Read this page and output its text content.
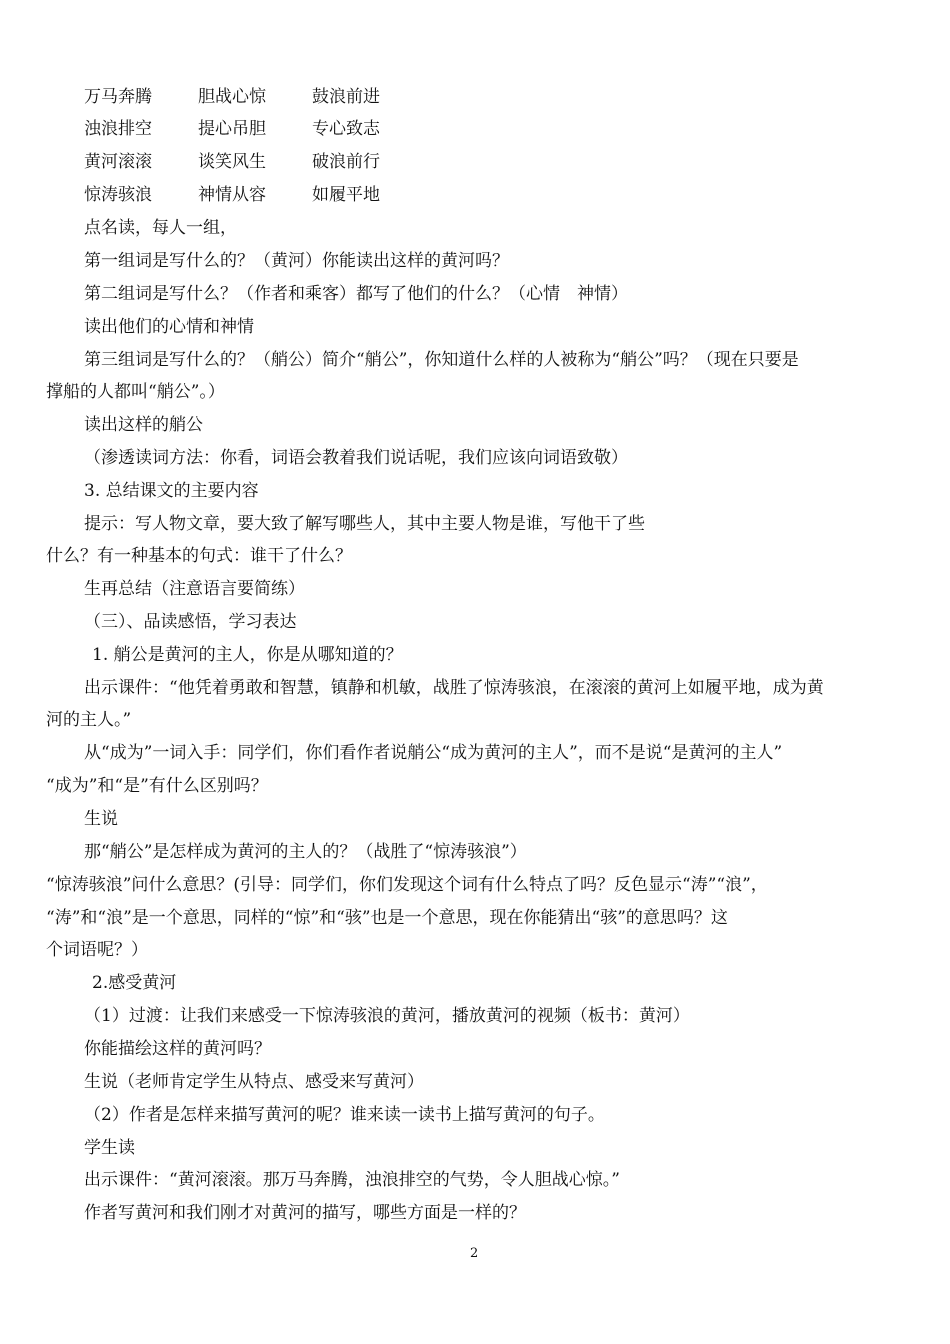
万马奔腾	胆战心惊	鼓浪前进
浊浪排空	提心吊胆	专心致志
黄河滚滚	谈笑风生	破浪前行
惊涛骇浪	神情从容	如履平地
点名读，每人一组，
第一组词是写什么的？（黄河）你能读出这样的黄河吗？
第二组词是写什么？（作者和乘客）都写了他们的什么？（心情　神情）
读出他们的心情和神情
第三组词是写什么的？（艄公）简介“艄公”，你知道什么样的人被称为“艄公”吗？（现在只要是
撑船的人都叫“艄公”。）
读出这样的艄公
（渗透读词方法：你看，词语会教着我们说话呢，我们应该向词语致敬）
3. 总结课文的主要内容
提示：写人物文章，要大致了解写哪些人，其中主要人物是谁，写他干了些
什么？有一种基本的句式：谁干了什么？
生再总结（注意语言要简练）
（三）、品读感悟，学习表达
1. 艄公是黄河的主人，你是从哪知道的？
出示课件：“他凭着勇敢和智慧，镇静和机敏，战胜了惊涛骇浪，在滚滚的黄河上如履平地，成为黄
河的主人。”
从“成为”一词入手：同学们，你们看作者说艄公“成为黄河的主人”，而不是说“是黄河的主人”
“成为”和“是”有什么区别吗？
生说
那“艄公”是怎样成为黄河的主人的？（战胜了“惊涛骇浪”）
“惊涛骇浪”问什么意思？(引导：同学们，你们发现这个词有什么特点了吗？反色显示“涛”“浪”，
“涛”和“浪”是一个意思，同样的“惊”和“骇”也是一个意思，现在你能猜出“骇”的意思吗？这
个词语呢？）
2.感受黄河
（1）过渡：让我们来感受一下惊涛骇浪的黄河，播放黄河的视频（板书：黄河）
你能描绘这样的黄河吗？
生说（老师肯定学生从特点、感受来写黄河）
（2）作者是怎样来描写黄河的呢？谁来读一读书上描写黄河的句子。
学生读
出示课件：“黄河滚滚。那万马奔腾，浊浪排空的气势，令人胆战心惊。”
作者写黄河和我们刚才对黄河的描写，哪些方面是一样的？
2
